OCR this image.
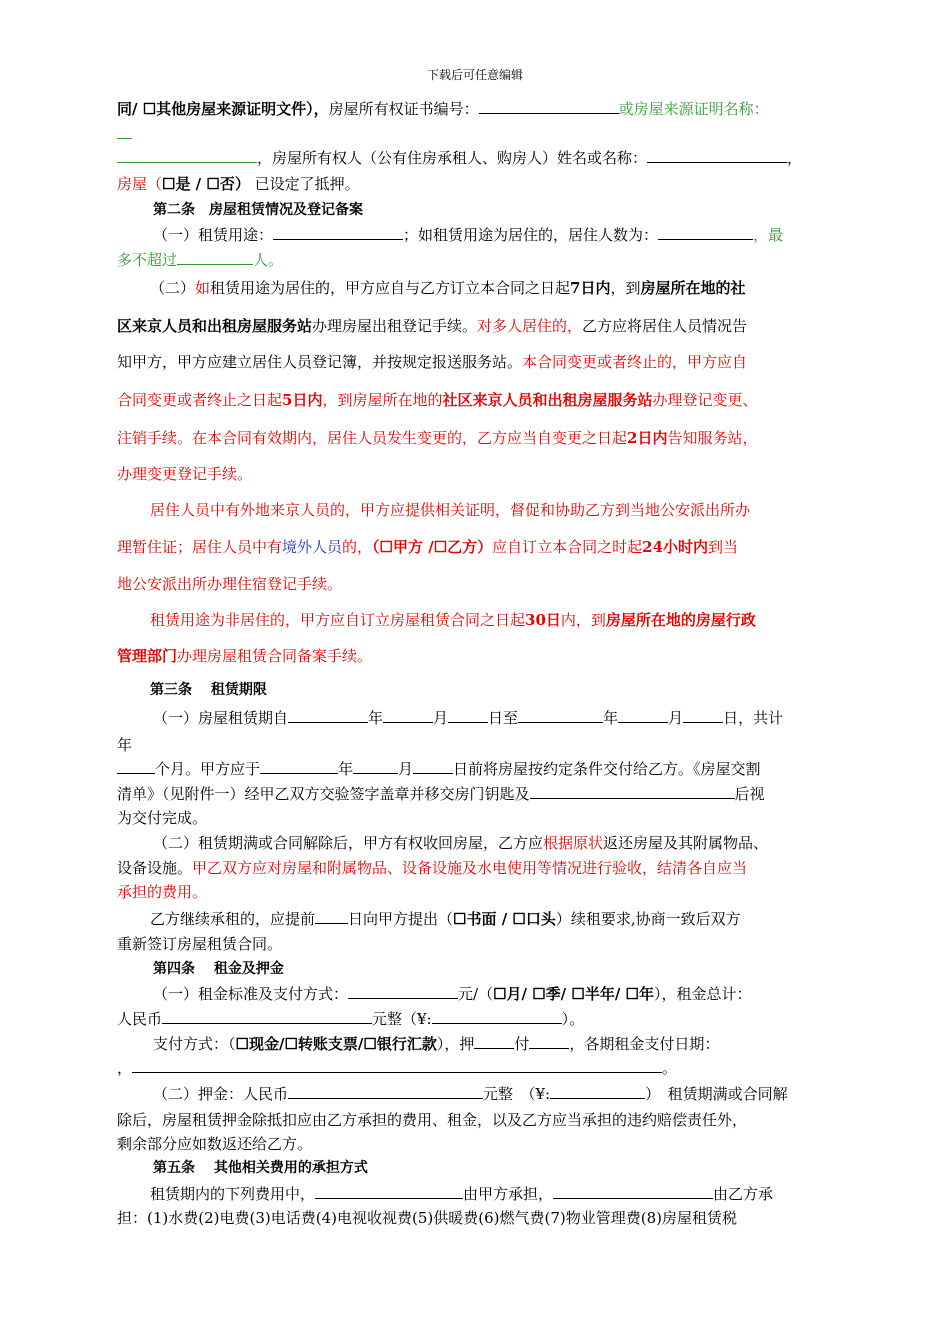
下载后可任意编辑
同/ ☐其他房屋来源证明文件），房屋所有权证书编号：	或房屋来源证明名称：
，房屋所有权人（公有住房承租人、购房人）姓名或名称：	，
房屋（☐是 / ☐否） 已设定了抵押。
第二条　房屋租赁情况及登记备案
（一）租赁用途：	；如租赁用途为居住的，居住人数为：	，最
多不超过	人。
（二）如租赁用途为居住的，甲方应自与乙方订立本合同之日起7日内，到房屋所在地的社
区来京人员和出租房屋服务站办理房屋出租登记手续。对多人居住的，乙方应将居住人员情况告
知甲方，甲方应建立居住人员登记簿，并按规定报送服务站。本合同变更或者终止的，甲方应自
合同变更或者终止之日起5日内，到房屋所在地的社区来京人员和出租房屋服务站办理登记变更、
注销手续。在本合同有效期内，居住人员发生变更的，乙方应当自变更之日起2日内告知服务站，
办理变更登记手续。
居住人员中有外地来京人员的，甲方应提供相关证明，督促和协助乙方到当地公安派出所办
理暂住证；居住人员中有境外人员的，（☐甲方 /☐乙方）应自订立本合同之时起24小时内到当
地公安派出所办理住宿登记手续。
租赁用途为非居住的，甲方应自订立房屋租赁合同之日起30日内，到房屋所在地的房屋行政
管理部门办理房屋租赁合同备案手续。
第三条　 租赁期限
（一）房屋租赁期自	年	月	日至	年	月	日，共计
年
个月。甲方应于	年	月	日前将房屋按约定条件交付给乙方。《房屋交割
清单》（见附件一）经甲乙双方交验签字盖章并移交房门钥匙及	后视
为交付完成。
（二）租赁期满或合同解除后，甲方有权收回房屋，乙方应根据原状返还房屋及其附属物品、
设备设施。甲乙双方应对房屋和附属物品、设备设施及水电使用等情况进行验收，结清各自应当
承担的费用。
乙方继续承租的，应提前 日向甲方提出（☐书面 / ☐口头）续租要求,协商一致后双方
重新签订房屋租赁合同。
第四条　 租金及押金
（一）租金标准及支付方式：	元/（☐月/ ☐季/ ☐半年/ ☐年），租金总计：
人民币	元整（¥:	）。
支付方式：（☐现金/☐转账支票/☐银行汇款），押	付	，各期租金支付日期：
，	。
（二）押金：人民币	元整　（¥:	）　租赁期满或合同解
除后，房屋租赁押金除抵扣应由乙方承担的费用、租金，以及乙方应当承担的违约赔偿责任外，
剩余部分应如数返还给乙方。
第五条　 其他相关费用的承担方式
租赁期内的下列费用中，	由甲方承担，	由乙方承
担：(1)水费(2)电费(3)电话费(4)电视收视费(5)供暖费(6)燃气费(7)物业管理费(8)房屋租赁税
